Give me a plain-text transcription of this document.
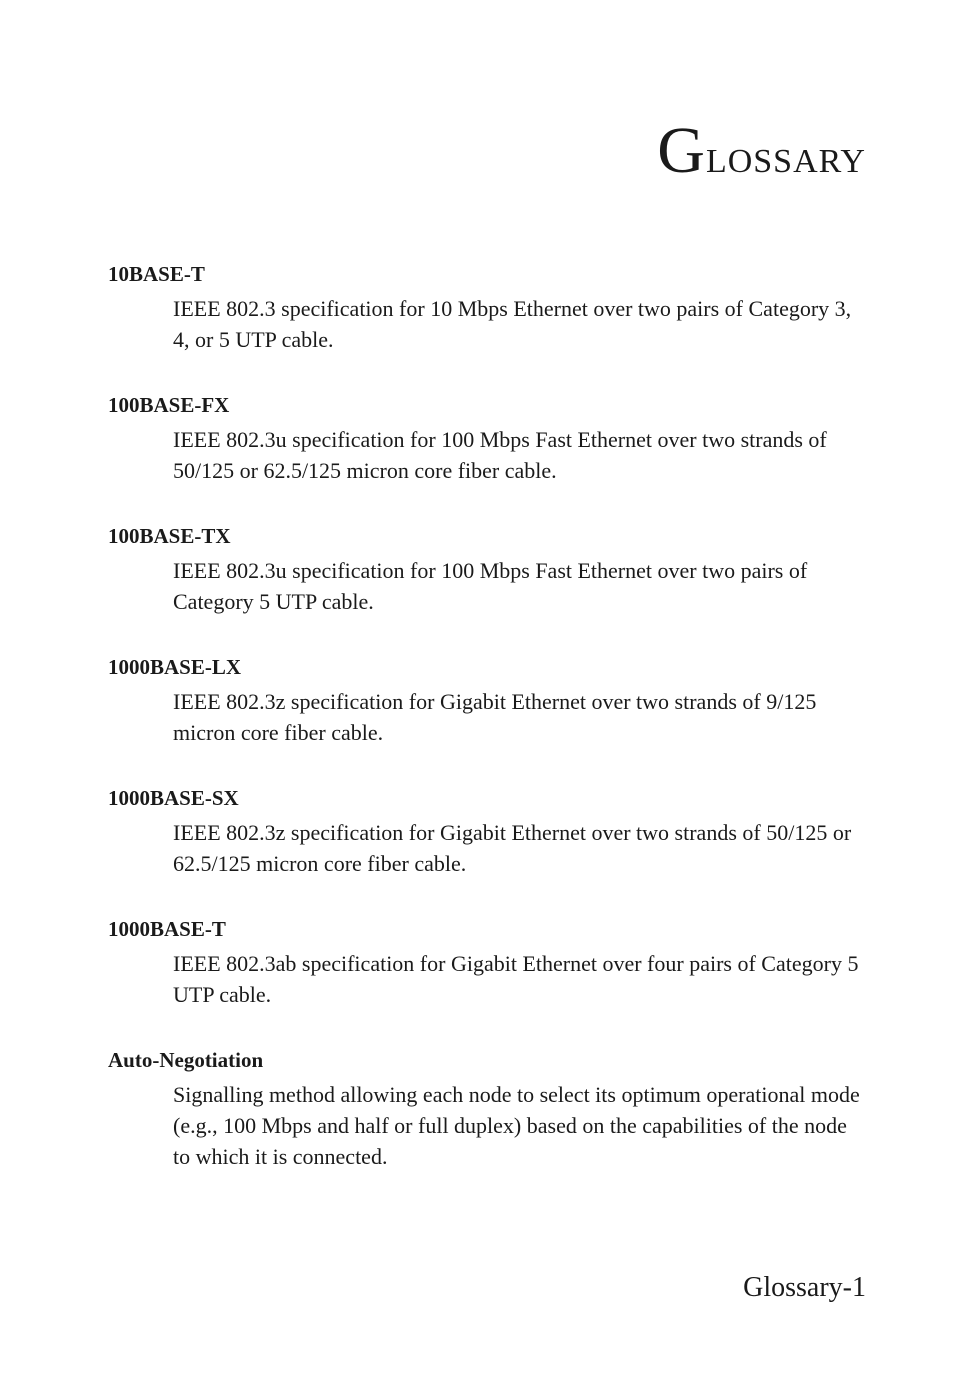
Glossary
10BASE-T
IEEE 802.3 specification for 10 Mbps Ethernet over two pairs of Category 3, 4, or 5 UTP cable.
100BASE-FX
IEEE 802.3u specification for 100 Mbps Fast Ethernet over two strands of 50/125 or 62.5/125 micron core fiber cable.
100BASE-TX
IEEE 802.3u specification for 100 Mbps Fast Ethernet over two pairs of Category 5 UTP cable.
1000BASE-LX
IEEE 802.3z specification for Gigabit Ethernet over two strands of 9/125 micron core fiber cable.
1000BASE-SX
IEEE 802.3z specification for Gigabit Ethernet over two strands of 50/125 or 62.5/125 micron core fiber cable.
1000BASE-T
IEEE 802.3ab specification for Gigabit Ethernet over four pairs of Category 5 UTP cable.
Auto-Negotiation
Signalling method allowing each node to select its optimum operational mode (e.g., 100 Mbps and half or full duplex) based on the capabilities of the node to which it is connected.
Glossary-1
